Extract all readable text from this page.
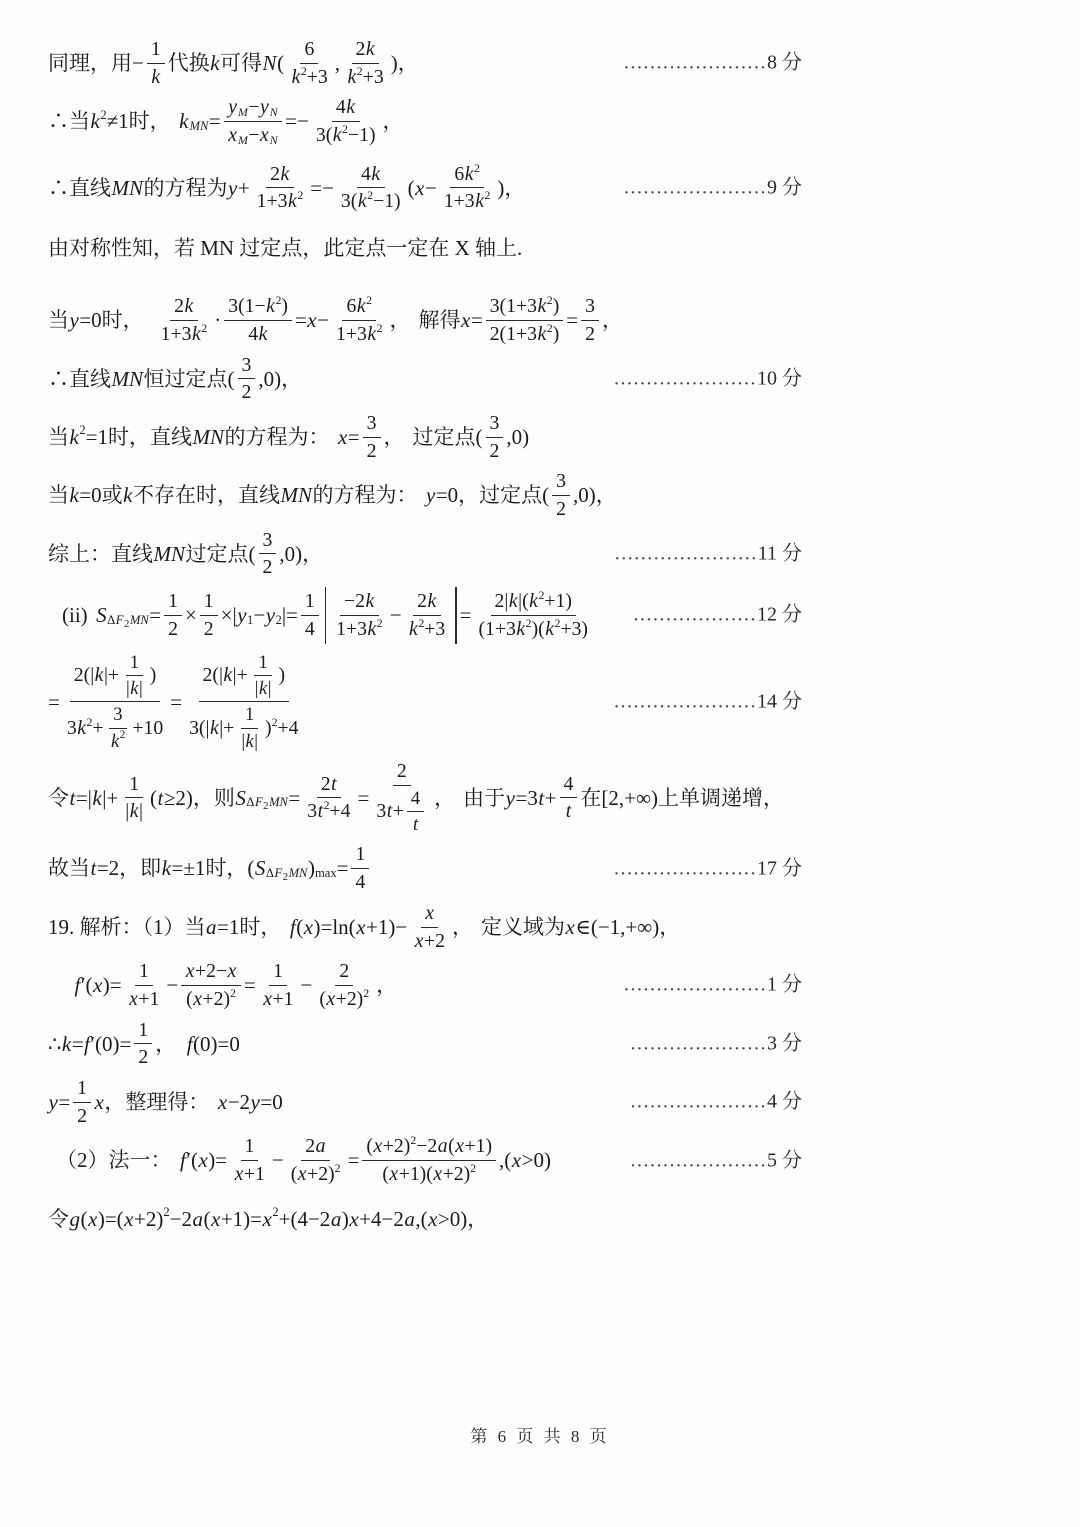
同理，用− $\frac{1}{k}$ 代换 k 可得 N ( $\frac{6}{k 2 +3}$ , $\frac{2 k}{k 2 +3}$ )，	......................8 分
∴当 k 2 ≠1时， k MN = $\frac{\text{y M − y N}}{\text{x M − x N}} =- \frac{4 k}{3( k 2 -1)}$ ，
∴直线 MN 的方程为 $y + \frac{2 k}{1+3 k 2} =- \frac{4 k}{3( k 2 -1)}$ ( $x - \frac{6 k 2}{1+3 k 2}$ )，	......................9 分
由对称性知，若 MN 过定点，此定点一定在 X 轴上.
当 y =0时， $\frac{2 k}{1+3 k 2} \cdot \frac{3(1- k 2 )}{4 k} = x - \frac{6 k 2}{1+3 k 2}$ ， 解得 $x = \frac{3(1+3 k 2 )}{2(1+3 k 2 )} = \frac{3}{2}$ ，
∴直线 MN 恒过定点( $\frac{3}{2} ,0$)，	......................10 分
当 k 2 =1时，直线 MN 的方程为： $x = \frac{3}{2}$ ， 过定点( $\frac{3}{2} ,0$)
当 k =0或 k 不存在时，直线 MN 的方程为： y =0，过定点( $\frac{3}{2} ,0$)，
综上：直线 MN 过定点( $\frac{3}{2} ,0$)，	......................11 分
(ii) S $\Delta F2MN = \frac{1}{2} \times \frac{1}{2}$ ×| y 1 − y 2 |= $\frac{1}{4} \frac{-2 k}{1+3 k 2} - \frac{2 k}{k 2 +3} = \frac{2| k |( k 2 +1)}{(1+3 k 2 )( k 2 +3)} ...................12$ 分
= $\frac{2(| k |+ \frac{1}{| k |} )}{3 k 2 + \frac{3}{k 2} +10} = \frac{2(| k |+ \frac{1}{| k |} )}{3(| k |+ \frac{1}{| k |} ) 2 +4}$	......................14 分
令 t =| k |+ $\frac{1}{| k |}$ ( t ≥2)，则 S $\Delta F2MN = \frac{2 t}{3 t 2 +4} = \frac{2}{3 t + \frac{4}{t}}$ ， 由于 y =3 $t + \frac{4}{t}$ 在[2,+∞)上单调递增，
故当 t =2，即 k =±1时，( S ΔF2MN ) $\max = \frac{1}{4}$	......................17 分
19. 解析：（1）当 a =1时， f ( x )=ln( $x +1)- \frac{x}{x +2}$ ， 定义域为 x ∈(−1,+∞)，
f ′( x )= $\frac{1}{x +1} - \frac{x +2- x}{( x +2) 2} = \frac{1}{x +1} - \frac{2}{( x +2) 2}$ ，	......................1 分
∴ k = f $'(0)= \frac{1}{2}$ ， f (0)=0	.....................3 分
$y = \frac{1}{2}$ x ，整理得： x −2 y =0	.....................4 分
（2）法一： f ′( x )= $\frac{1}{x +1} - \frac{2 a}{( x +2) 2} = \frac{( x +2) 2 -2 a ( x +1)}{( x +1)( x +2) 2}$ ,( x >0)	.....................5 分
令 g ( x )=( x +2) 2 −2 a ( x +1)= x 2 +(4−2 a ) x +4−2 a ,( x >0)，
第 6 页 共 8 页
